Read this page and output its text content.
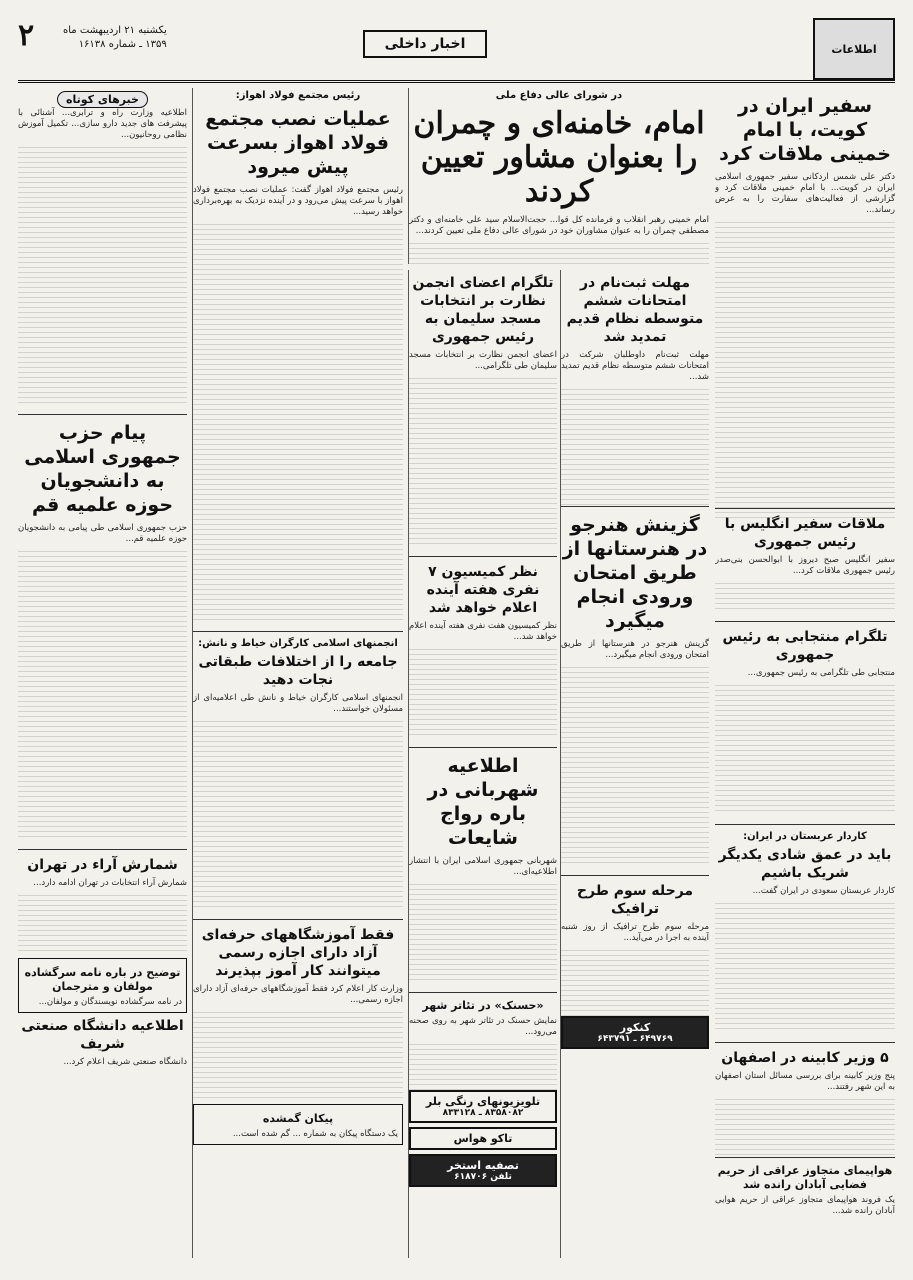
اطلاعات
اخبار داخلی
یکشنبه ۲۱ اردیبهشت ماه
۱۳۵۹ ـ شماره ۱۶۱۳۸
۲
سفیر ایران در کویت، با امام خمینی ملاقات کرد

دکتر علی شمس اردکانی سفیر جمهوری اسلامی ایران در کویت... با امام خمینی ملاقات کرد و گزارشی از فعالیت‌های سفارت را به عرض رساند...

ملاقات سفیر انگلیس با رئیس جمهوری

سفیر انگلیس صبح دیروز با ابوالحسن بنی‌صدر رئیس جمهوری ملاقات کرد...

تلگرام منتجابی به رئیس جمهوری

منتجابی طی تلگرامی به رئیس جمهوری...

کاردار عربستان در ایران:
باید در عمق شادی یکدیگر شریک باشیم

کاردار عربستان سعودی در ایران گفت...

۵ وزیر کابینه در اصفهان

پنج وزیر کابینه برای بررسی مسائل استان اصفهان به این شهر رفتند...

هواپیمای متجاوز عراقی از حریم فضایی آبادان رانده شد

یک فروند هواپیمای متجاوز عراقی از حریم هوایی آبادان رانده شد...

در شورای عالی دفاع ملی
امام، خامنه‌ای و چمران را بعنوان مشاور تعیین کردند

امام خمینی رهبر انقلاب و فرمانده کل قوا... حجت‌الاسلام سید علی خامنه‌ای و دکتر مصطفی چمران را به عنوان مشاوران خود در شورای عالی دفاع ملی تعیین کردند...

مهلت ثبت‌نام در امتحانات ششم متوسطه نظام قدیم تمدید شد

مهلت ثبت‌نام داوطلبان شرکت در امتحانات ششم متوسطه نظام قدیم تمدید شد...

گزینش هنرجو در هنرستانها از طریق امتحان ورودی انجام میگیرد

گزینش هنرجو در هنرستانها از طریق امتحان ورودی انجام میگیرد...

مرحله سوم طرح ترافیک

مرحله سوم طرح ترافیک از روز شنبه آینده به اجرا در می‌آید...

کنکور
۶۴۹۷۶۹ ـ ۶۴۳۷۹۱
تلگرام اعضای انجمن نظارت بر انتخابات مسجد سلیمان به رئیس جمهوری

اعضای انجمن نظارت بر انتخابات مسجد سلیمان طی تلگرامی...

نظر کمیسیون ۷ نفری هفته آینده اعلام خواهد شد

نظر کمیسیون هفت نفری هفته آینده اعلام خواهد شد...

اطلاعیه شهربانی در باره رواج شایعات

شهربانی جمهوری اسلامی ایران با انتشار اطلاعیه‌ای...

«حسنک» در تئاتر شهر

نمایش حسنک در تئاتر شهر به روی صحنه می‌رود...

تلویزیونهای رنگی بلر
۸۳۵۸۰۸۲ ـ ۸۳۳۱۲۸
تاکو هواس
تصفیه استخر
تلفن ۶۱۸۷۰۶
رئیس مجتمع فولاد اهواز:
عملیات نصب مجتمع فولاد اهواز بسرعت پیش میرود

رئیس مجتمع فولاد اهواز گفت: عملیات نصب مجتمع فولاد اهواز با سرعت پیش می‌رود و در آینده نزدیک به بهره‌برداری خواهد رسید...

انجمنهای اسلامی کارگران خیاط و نانش:
جامعه را از اختلافات طبقاتی نجات دهید

انجمنهای اسلامی کارگران خیاط و نانش طی اعلامیه‌ای از مسئولان خواستند...

فقط آموزشگاههای حرفه‌ای آزاد دارای اجازه رسمی میتوانند کار آموز بپذیرند

وزارت کار اعلام کرد فقط آموزشگاههای حرفه‌ای آزاد دارای اجازه رسمی...

پیکان گمشده
یک دستگاه پیکان به شماره ... گم شده است...
خبرهای کوتاه

اطلاعیه وزارت راه و ترابری... آشنائی با پیشرفت های جدید دارو سازی... تکمیل آموزش نظامی روحانیون...

پیام حزب جمهوری اسلامی به دانشجویان حوزه علمیه قم

حزب جمهوری اسلامی طی پیامی به دانشجویان حوزه علمیه قم...

شمارش آراء در تهران

شمارش آراء انتخابات در تهران ادامه دارد...

توضیح در باره نامه سرگشاده مولفان و مترجمان
در نامه سرگشاده نویسندگان و مولفان...
اطلاعیه دانشگاه صنعتی شریف

دانشگاه صنعتی شریف اعلام کرد...
